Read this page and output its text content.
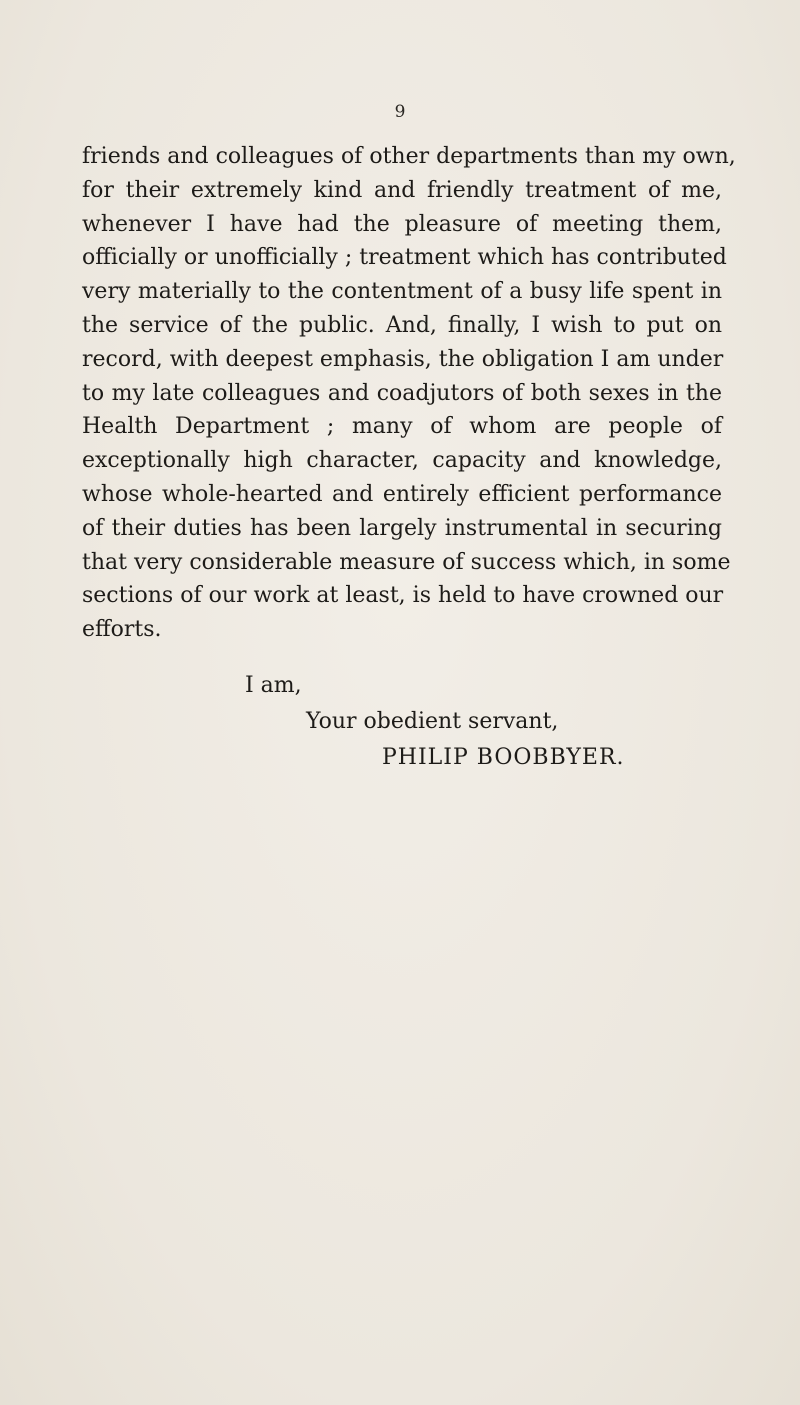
9
friends and colleagues of other departments than my own,
for their extremely kind and friendly treatment of me,
whenever I have had the pleasure of meeting them,
officially or unofficially ; treatment which has contributed
very materially to the contentment of a busy life spent in
the service of the public. And, finally, I wish to put on
record, with deepest emphasis, the obligation I am under
to my late colleagues and coadjutors of both sexes in the
Health Department ; many of whom are people of
exceptionally high character, capacity and knowledge,
whose whole-hearted and entirely efficient performance
of their duties has been largely instrumental in securing
that very considerable measure of success which, in some
sections of our work at least, is held to have crowned our
efforts.
I am,
Your obedient servant,
PHILIP BOOBBYER.
